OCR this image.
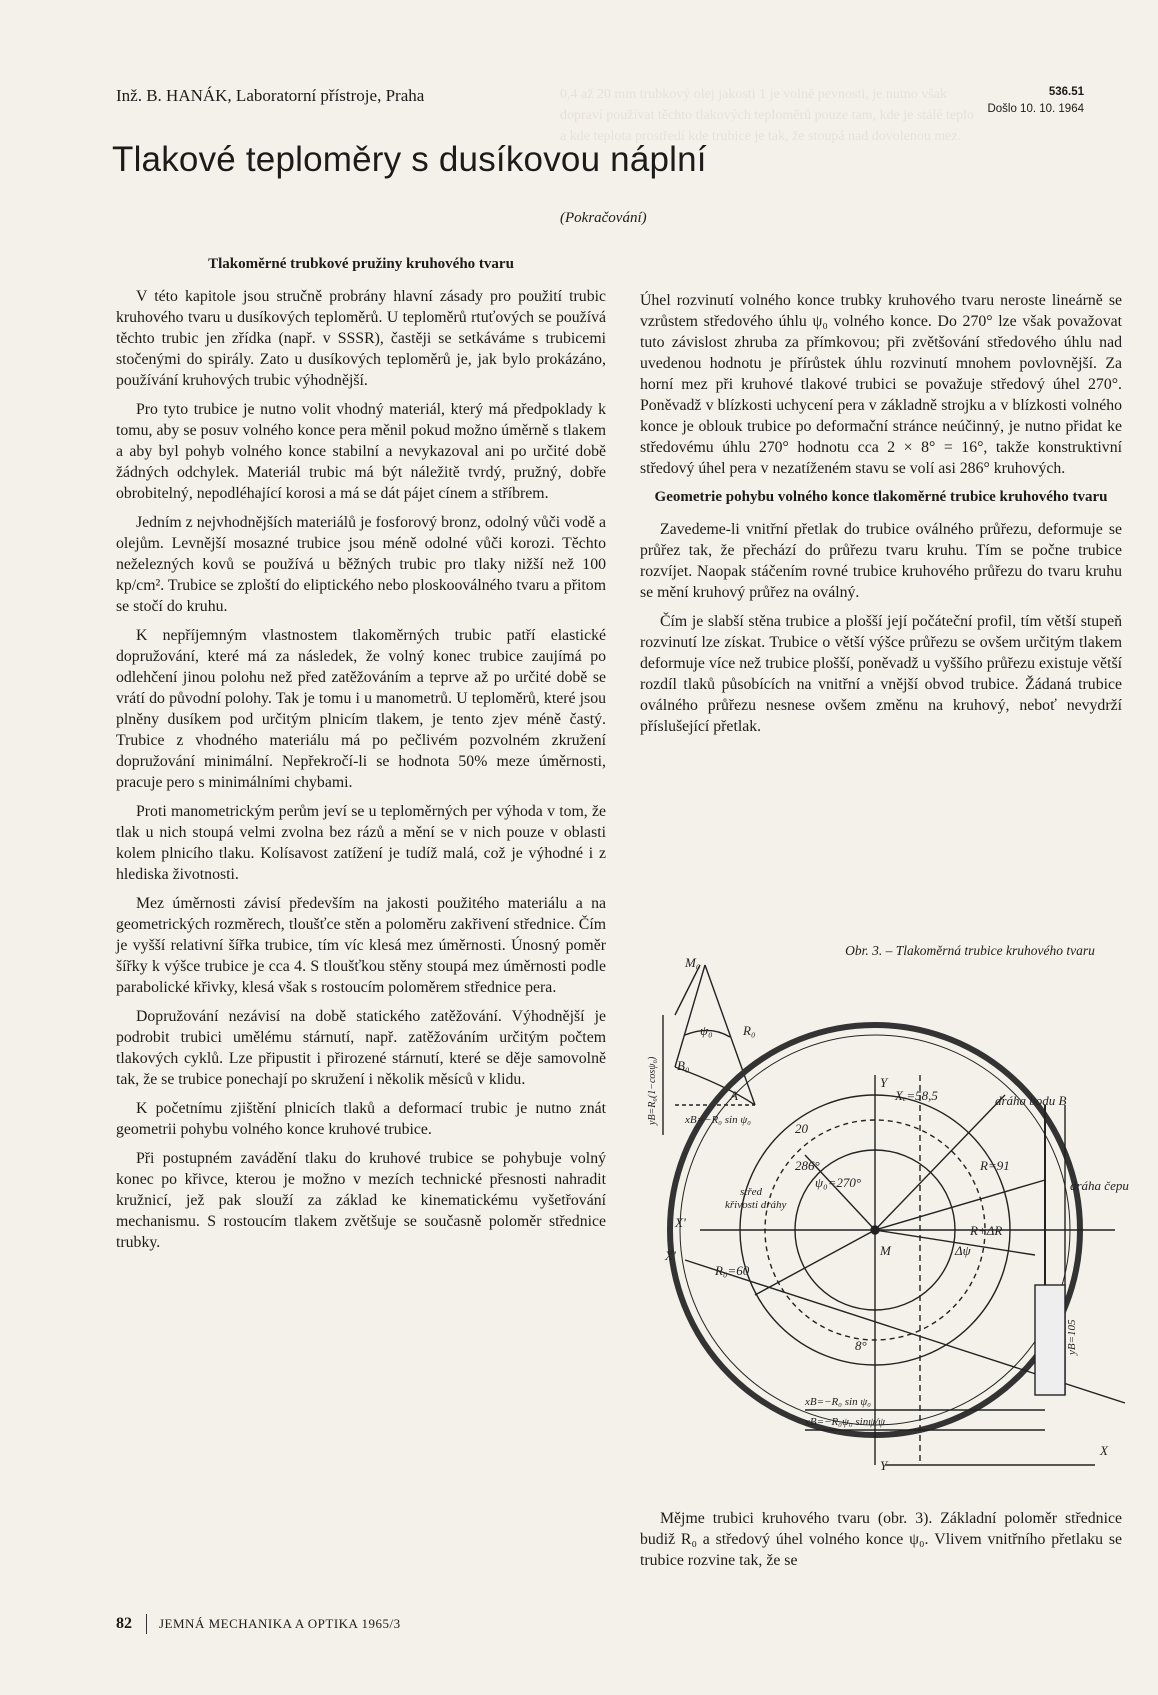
0,4 až 20 mm trubkový olej jakosti 1 je volně pevnosti, je nutno však dopraví používat těchto tlakových teploměrů pouze tam, kde je stálé teplo a kde teplota prostředí kde trubice je tak, že stoupá nad dovolenou mez.
Inž. B. HANÁK, Laboratorní přístroje, Praha	536.51
Došlo 10. 10. 1964
Tlakové teploměry s dusíkovou náplní
(Pokračování)
Tlakoměrné trubkové pružiny kruhového tvaru

V této kapitole jsou stručně probrány hlavní zásady pro použití trubic kruhového tvaru u dusíkových teploměrů. U teploměrů rtuťových se používá těchto trubic jen zřídka (např. v SSSR), častěji se setkáváme s trubicemi stočenými do spirály. Zato u dusíkových teploměrů je, jak bylo prokázáno, používání kruhových trubic výhodnější.

Pro tyto trubice je nutno volit vhodný materiál, který má předpoklady k tomu, aby se posuv volného konce pera měnil pokud možno úměrně s tlakem a aby byl pohyb volného konce stabilní a nevykazoval ani po určité době žádných odchylek. Materiál trubic má být náležitě tvrdý, pružný, dobře obrobitelný, nepodléhající korosi a má se dát pájet cínem a stříbrem.

Jedním z nejvhodnějších materiálů je fosforový bronz, odolný vůči vodě a olejům. Levnější mosazné trubice jsou méně odolné vůči korozi. Těchto neželezných kovů se používá u běžných trubic pro tlaky nižší než 100 kp/cm². Trubice se zploští do eliptického nebo ploskooválného tvaru a přitom se stočí do kruhu.

K nepříjemným vlastnostem tlakoměrných trubic patří elastické dopružování, které má za následek, že volný konec trubice zaujímá po odlehčení jinou polohu než před zatěžováním a teprve až po určité době se vrátí do původní polohy. Tak je tomu i u manometrů. U teploměrů, které jsou plněny dusíkem pod určitým plnicím tlakem, je tento zjev méně častý. Trubice z vhodného materiálu má po pečlivém pozvolném zkružení dopružování minimální. Nepřekročí-li se hodnota 50% meze úměrnosti, pracuje pero s minimálními chybami.

Proti manometrickým perům jeví se u teploměrných per výhoda v tom, že tlak u nich stoupá velmi zvolna bez rázů a mění se v nich pouze v oblasti kolem plnicího tlaku. Kolísavost zatížení je tudíž malá, což je výhodné i z hlediska životnosti.

Mez úměrnosti závisí především na jakosti použitého materiálu a na geometrických rozměrech, tloušťce stěn a poloměru zakřivení střednice. Čím je vyšší relativní šířka trubice, tím víc klesá mez úměrnosti. Únosný poměr šířky k výšce trubice je cca 4. S tloušťkou stěny stoupá mez úměrnosti podle parabolické křivky, klesá však s rostoucím poloměrem střednice pera.

Dopružování nezávisí na době statického zatěžování. Výhodnější je podrobit trubici umělému stárnutí, např. zatěžováním určitým počtem tlakových cyklů. Lze připustit i přirozené stárnutí, které se děje samovolně tak, že se trubice ponechají po skružení i několik měsíců v klidu.

K početnímu zjištění plnicích tlaků a deformací trubic je nutno znát geometrii pohybu volného konce kruhové trubice.

Při postupném zavádění tlaku do kruhové trubice se pohybuje volný konec po křivce, kterou je možno v mezích technické přesnosti nahradit kružnicí, jež pak slouží za základ ke kinematickému vyšetřování mechanismu. S rostoucím tlakem zvětšuje se současně poloměr střednice trubky.

Úhel rozvinutí volného konce trubky kruhového tvaru neroste lineárně se vzrůstem středového úhlu ψ₀ volného konce. Do 270° lze však považovat tuto závislost zhruba za přímkovou; při zvětšování středového úhlu nad uvedenou hodnotu je přírůstek úhlu rozvinutí mnohem povlovnější. Za horní mez při kruhové tlakové trubici se považuje středový úhel 270°. Poněvadž v blízkosti uchycení pera v základně strojku a v blízkosti volného konce je oblouk trubice po deformační stránce neúčinný, je nutno přidat ke středovému úhlu 270° hodnotu cca 2 × 8° = 16°, takže konstruktivní středový úhel pera v nezatíženém stavu se volí asi 286° kruhových.

Geometrie pohybu volného konce tlakoměrné trubice kruhového tvaru

Zavedeme-li vnitřní přetlak do trubice oválného průřezu, deformuje se průřez tak, že přechází do průřezu tvaru kruhu. Tím se počne trubice rozvíjet. Naopak stáčením rovné trubice kruhového průřezu do tvaru kruhu se mění kruhový průřez na oválný.

Čím je slabší stěna trubice a plošší její počáteční profil, tím větší stupeň rozvinutí lze získat. Trubice o větší výšce průřezu se ovšem určitým tlakem deformuje více než trubice plošší, poněvadž u vyššího průřezu existuje větší rozdíl tlaků působících na vnitřní a vnější obvod trubice. Žádaná trubice oválného průřezu nesnese ovšem změnu na kruhový, neboť nevydrží příslušející přetlak.

Obr. 3. – Tlakoměrná trubice kruhového tvaru
M₀
R₀
ψ₀
A
B₀
xB=−R₀ sin ψ₀
yB=R₀(1−cosψ₀)	Y
Y
X'
X
X'	M
Xₑ=58,5
20
dráha bodu B
dráha čepu
R=91
R+ΔR
R₀=60
286°
ψ₀=270°
střed
křivosti dráhy
Δψ
8°
xB=−R₀ sin ψ₀
xB=−R₀ψ₀ sinψ/ψ
yB=105

Mějme trubici kruhového tvaru (obr. 3). Základní poloměr střednice budiž R₀ a středový úhel volného konce ψ₀. Vlivem vnitřního přetlaku se trubice rozvine tak, že se

82 JEMNÁ MECHANIKA A OPTIKA 1965/3
